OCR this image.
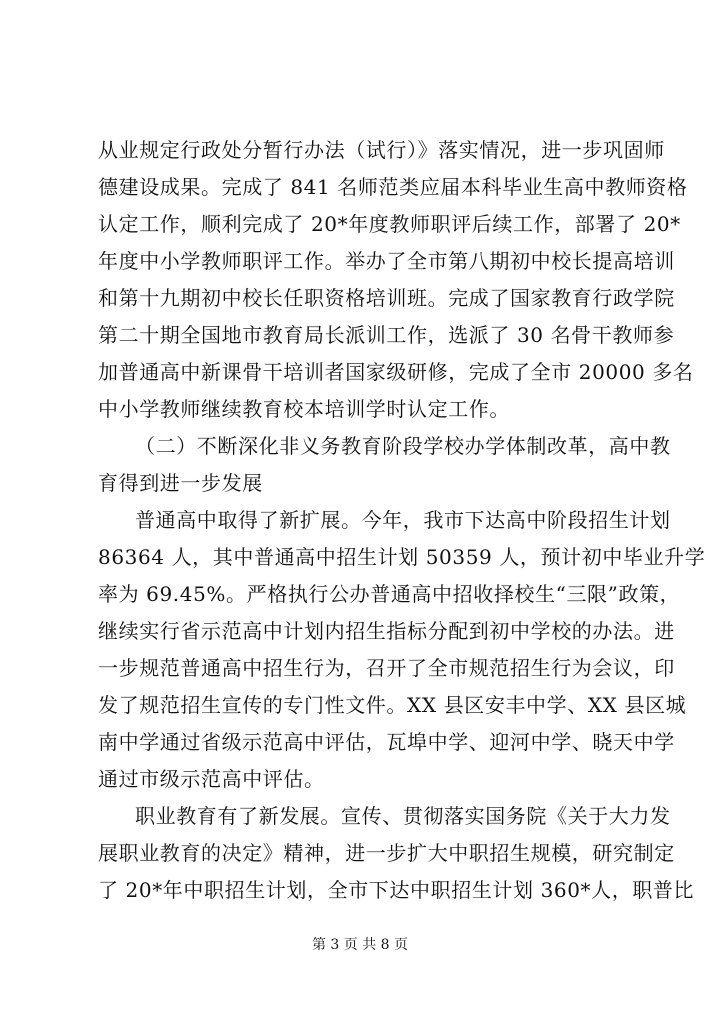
从业规定行政处分暂行办法（试行）》落实情况，进一步巩固师
德建设成果。完成了 841 名师范类应届本科毕业生高中教师资格
认定工作，顺利完成了 20*年度教师职评后续工作，部署了 20*
年度中小学教师职评工作。举办了全市第八期初中校长提高培训
和第十九期初中校长任职资格培训班。完成了国家教育行政学院
第二十期全国地市教育局长派训工作，选派了 30 名骨干教师参
加普通高中新课骨干培训者国家级研修，完成了全市 20000 多名
中小学教师继续教育校本培训学时认定工作。
（二）不断深化非义务教育阶段学校办学体制改革，高中教
育得到进一步发展
普通高中取得了新扩展。今年，我市下达高中阶段招生计划
86364 人，其中普通高中招生计划 50359 人，预计初中毕业升学
率为 69.45%。严格执行公办普通高中招收择校生“三限”政策，
继续实行省示范高中计划内招生指标分配到初中学校的办法。进
一步规范普通高中招生行为，召开了全市规范招生行为会议，印
发了规范招生宣传的专门性文件。XX 县区安丰中学、XX 县区城
南中学通过省级示范高中评估，瓦埠中学、迎河中学、晓天中学
通过市级示范高中评估。
职业教育有了新发展。宣传、贯彻落实国务院《关于大力发
展职业教育的决定》精神，进一步扩大中职招生规模，研究制定
了 20*年中职招生计划，全市下达中职招生计划 360*人，职普比
第 3 页 共 8 页
